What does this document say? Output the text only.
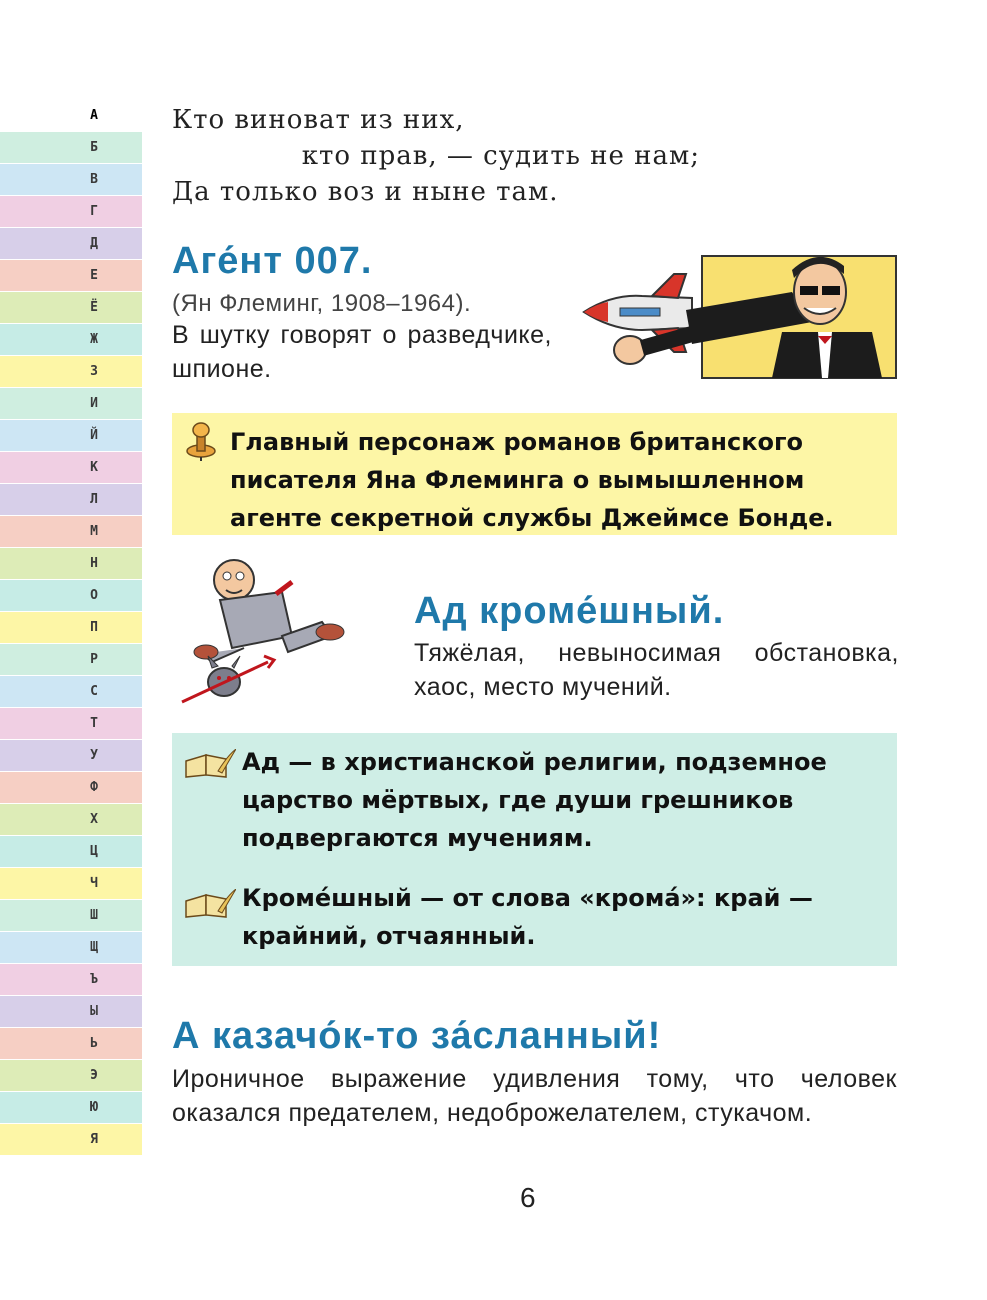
А
Б
В
Г
Д
Е
Ё
Ж
З
И
Й
К
Л
М
Н
О
П
Р
С
Т
У
Ф
Х
Ц
Ч
Ш
Щ
Ъ
Ы
Ь
Э
Ю
Я
Кто виноват из них,
кто прав, — судить не нам;
Да только воз и ныне там.
Аге́нт 007.
(Ян Флеминг, 1908–1964).
В шутку говорят о разведчике, шпионе.
Главный персонаж романов британского писателя Яна Флеминга о вымышленном агенте секретной службы Джеймсе Бонде.
Ад кроме́шный.
Тяжёлая, невыносимая обстановка, хаос, место мучений.
Ад — в христианской религии, подземное царство мёртвых, где души грешников подвергаются мучениям.
Кроме́шный — от слова «крома́»: край — крайний, отчаянный.
А казачо́к-то за́сланный!
Ироничное выражение удивления тому, что человек оказался предателем, недоброжелателем, стукачом.
6
